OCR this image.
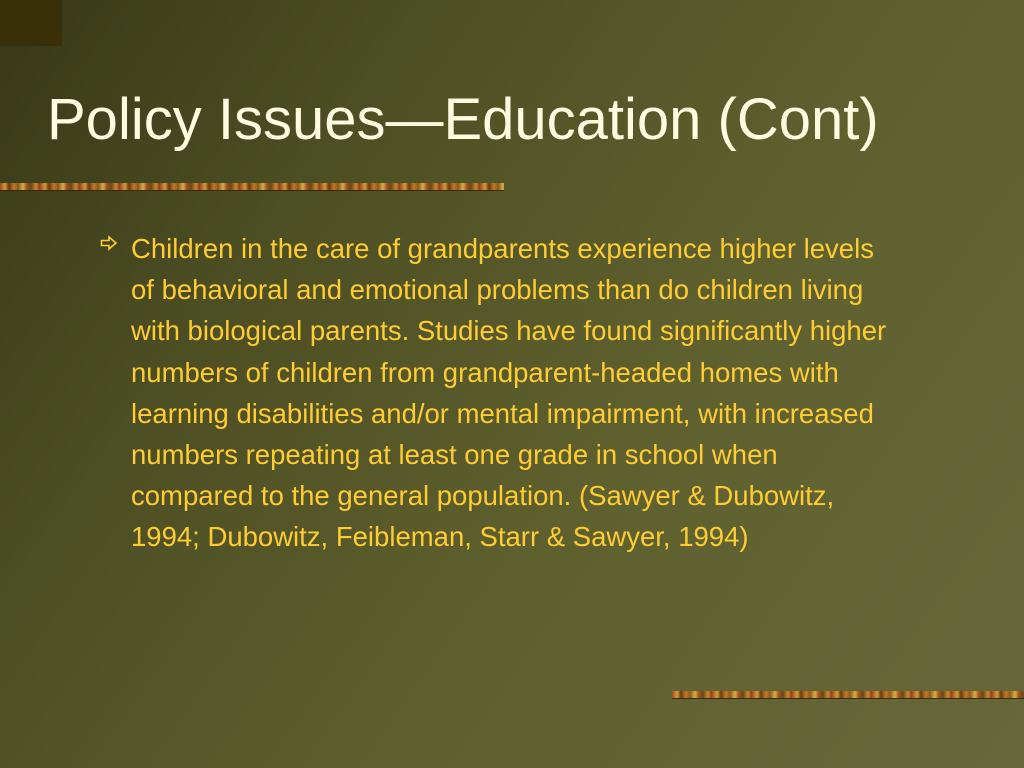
Policy Issues—Education (Cont)
Children in the care of grandparents experience higher levels of behavioral and emotional problems than do children living with biological parents. Studies have found significantly higher numbers of children from grandparent-headed homes with learning disabilities and/or mental impairment, with increased numbers repeating at least one grade in school when compared to the general population. (Sawyer & Dubowitz, 1994; Dubowitz, Feibleman, Starr & Sawyer, 1994)
